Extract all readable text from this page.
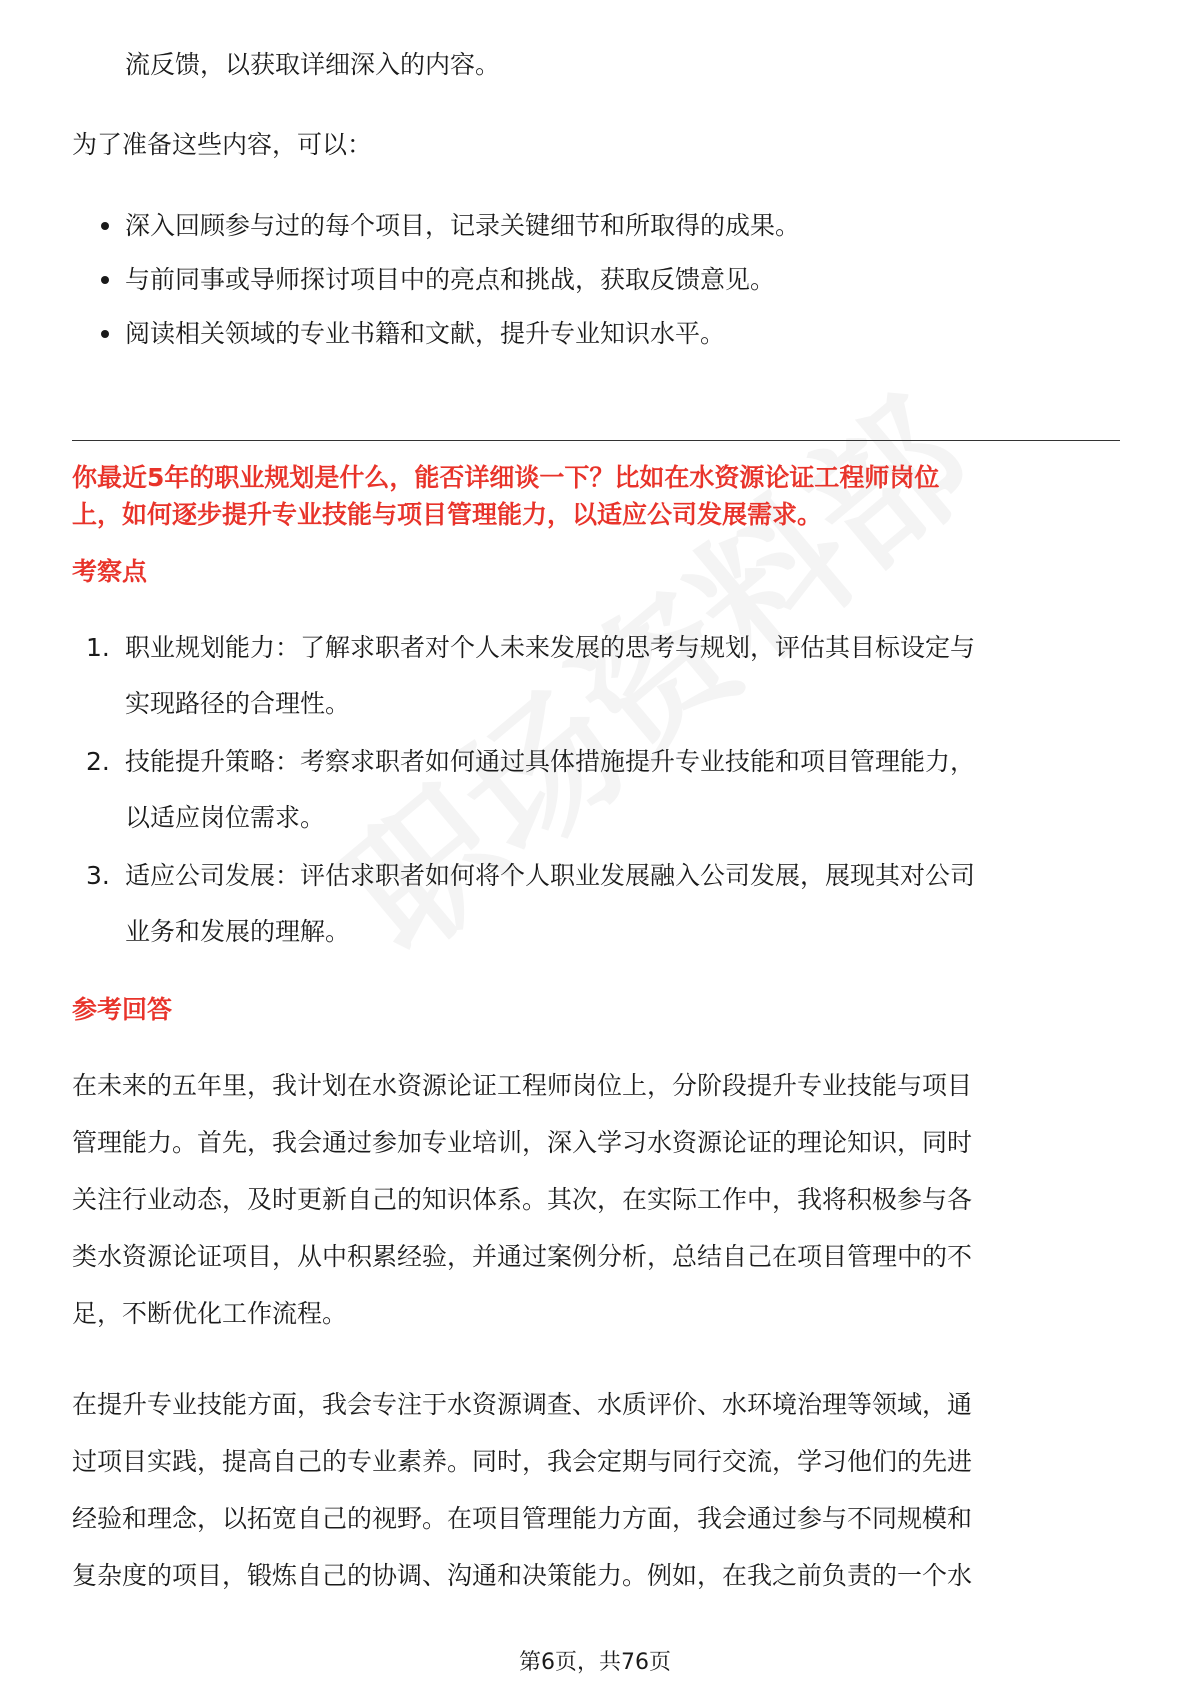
流反馈，以获取详细深入的内容。
为了准备这些内容，可以：
深入回顾参与过的每个项目，记录关键细节和所取得的成果。
与前同事或导师探讨项目中的亮点和挑战，获取反馈意见。
阅读相关领域的专业书籍和文献，提升专业知识水平。
你最近5年的职业规划是什么，能否详细谈一下？比如在水资源论证工程师岗位
上，如何逐步提升专业技能与项目管理能力，以适应公司发展需求。
考察点
1. 职业规划能力：了解求职者对个人未来发展的思考与规划，评估其目标设定与
实现路径的合理性。
2. 技能提升策略：考察求职者如何通过具体措施提升专业技能和项目管理能力，
以适应岗位需求。
3. 适应公司发展：评估求职者如何将个人职业发展融入公司发展，展现其对公司
业务和发展的理解。
参考回答
在未来的五年里，我计划在水资源论证工程师岗位上，分阶段提升专业技能与项目
管理能力。首先，我会通过参加专业培训，深入学习水资源论证的理论知识，同时
关注行业动态，及时更新自己的知识体系。其次，在实际工作中，我将积极参与各
类水资源论证项目，从中积累经验，并通过案例分析，总结自己在项目管理中的不
足，不断优化工作流程。
在提升专业技能方面，我会专注于水资源调查、水质评价、水环境治理等领域，通
过项目实践，提高自己的专业素养。同时，我会定期与同行交流，学习他们的先进
经验和理念，以拓宽自己的视野。在项目管理能力方面，我会通过参与不同规模和
复杂度的项目，锻炼自己的协调、沟通和决策能力。例如，在我之前负责的一个水
第6页，共76页
